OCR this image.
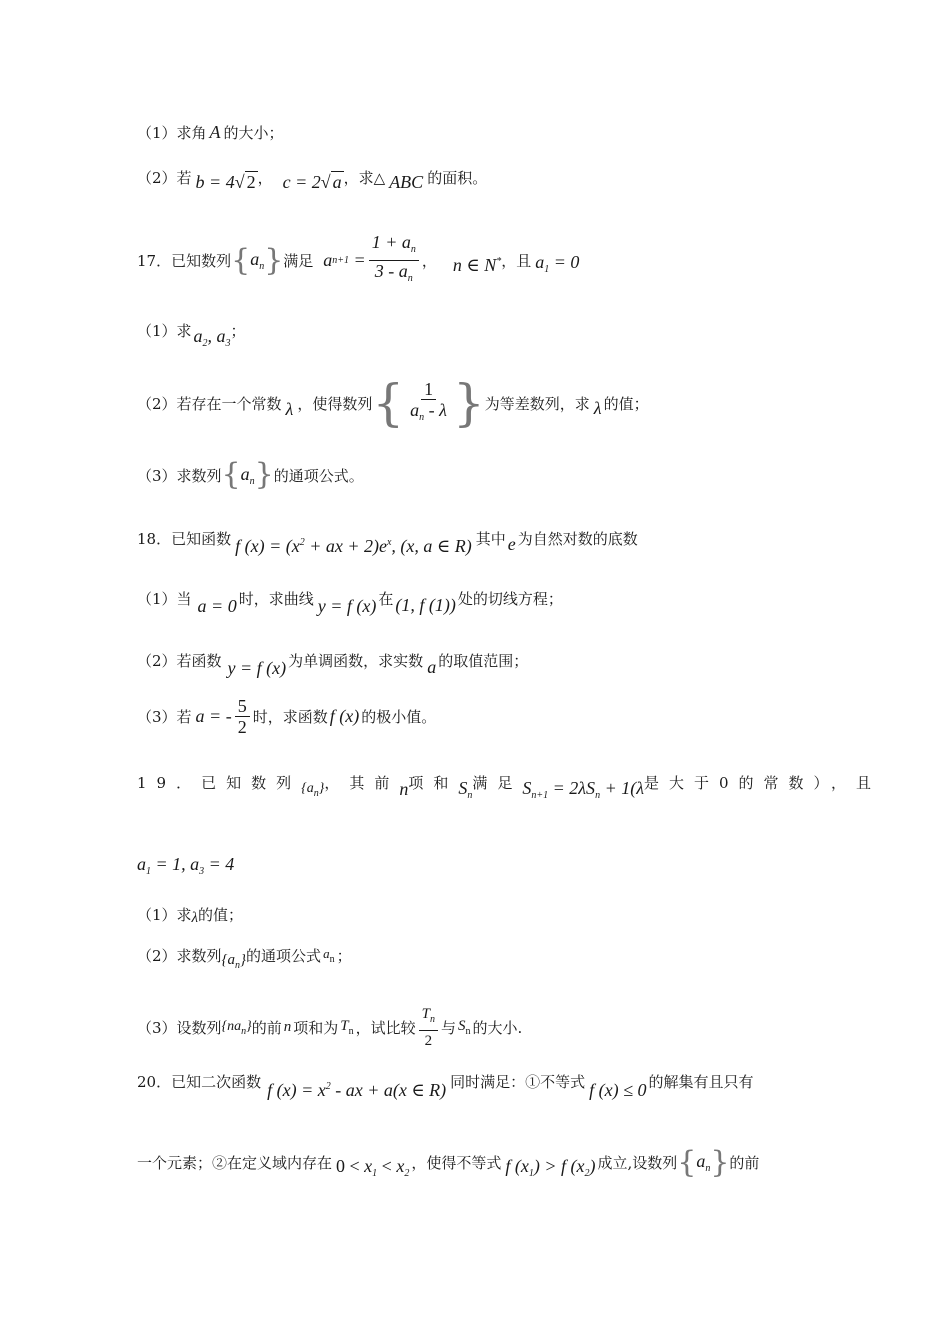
（1）求角 A 的大小；
（2）若 b = 4√ 2 ， c = 2√ a ，求△ ABC 的面积。
17．已知数列 { $a_n$ } 满足 a $n+1 = \frac{1 + a_n}{3 - a_n}$ ， n ∈ N* ，且 $a_1 = 0$
（1）求 $a_2$, $a_3$
；
（2）若存在一个常数 λ ，使得数列 { $\frac{1}{a_n - \lambda}$ } 为等差数列，求 λ 的值；
（3）求数列 { $a_n$ } 的通项公式。
18．已知函数 f $(x) = (x^2$ + ax + $2)e^x$, (x, a ∈ R) 其中 e 为自然对数的底数
（1）当 a = 0 时，求曲线 y = f (x) 在 (1, f (1)) 处的切线方程；
（2）若函数 y = f (x) 为单调函数，求实数 a 的取值范围；
（3）若 a = - $\frac{5}{2}$ 时，求函数 f (x) 的极小值。
19．已知数列 $\{a_n\}$ ，其前 n 项和 $S_n$
满足 $S_{n+1} = 2\lambda S_n + 1(\lambda$ 是大于0的常数），且
$a_1 = 1$, $a_3 = 4$
（1）求 λ 的值；
（2）求数列 $\{a_n\}$ 的通项公式 $a_n$ ；
（3）设数列 $\{na_n\}$ 的前 n 项和为 $T_n$ ，试比较 $\frac{T_n}{2}$ 与 $S_n$ 的大小.
20．已知二次函数 f $(x) = x^2$ - ax + a(x ∈ R) 同时满足：①不等式 f (x) ≤ 0 的解集有且只有
一个元素；②在定义域内存在 $0 < x_1 < x_2$
，使得不等式 f $(x_1) > f$ $(x_2)$ 成立,设数列 { $a_n$ } 的前
